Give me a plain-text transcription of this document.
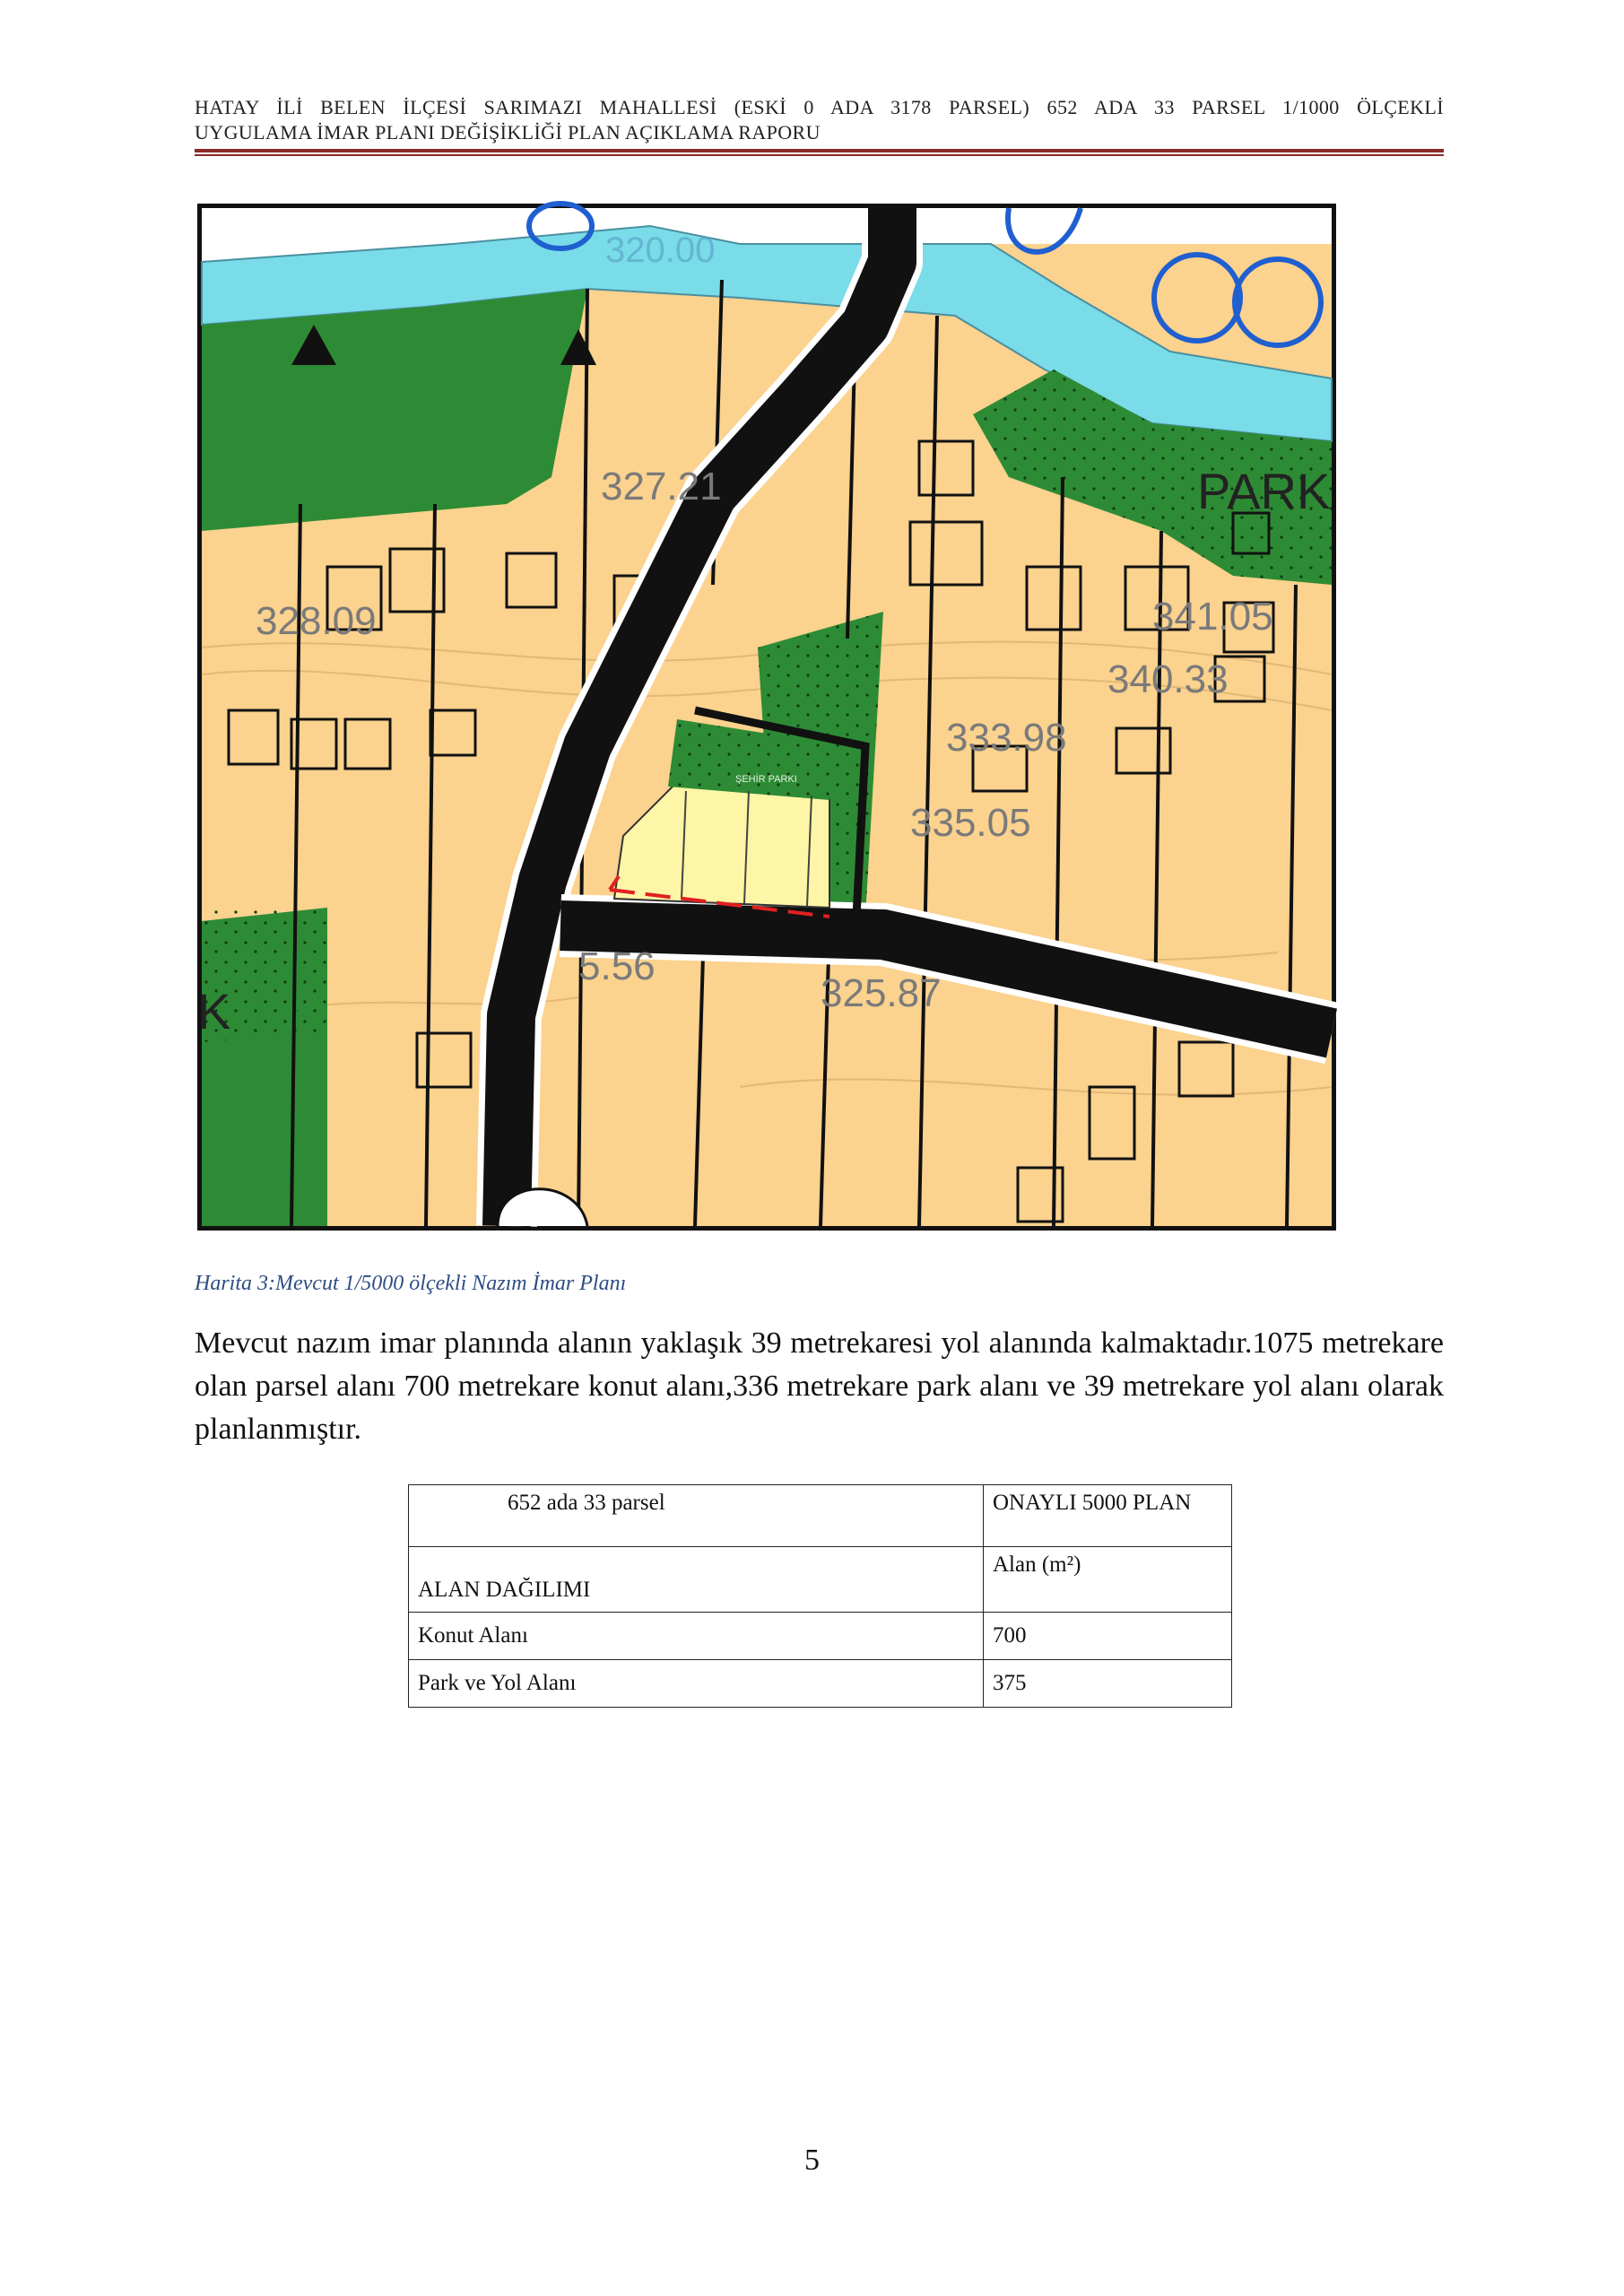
HATAY İLİ BELEN İLÇESİ SARIMAZI MAHALLESİ (ESKİ 0 ADA 3178 PARSEL) 652 ADA 33 PARSEL 1/1000 ÖLÇEKLİ
UYGULAMA İMAR PLANI DEĞİŞİKLİĞİ PLAN AÇIKLAMA RAPORU
320.00
327.21
328.09	341.05
340.33
333.98
335.05
5.56
325.87
PARK
K
ŞEHİR PARKI
Harita 3:Mevcut 1/5000 ölçekli Nazım İmar Planı
Mevcut nazım imar planında alanın yaklaşık 39 metrekaresi yol alanında kalmaktadır.1075 metrekare olan parsel alanı 700 metrekare konut alanı,336 metrekare park alanı ve 39 metrekare yol alanı olarak planlanmıştır.
652 ada 33 parsel	ONAYLI 5000 PLAN
ALAN DAĞILIMI	Alan (m²)
Konut Alanı	700
Park ve Yol Alanı	375
5
